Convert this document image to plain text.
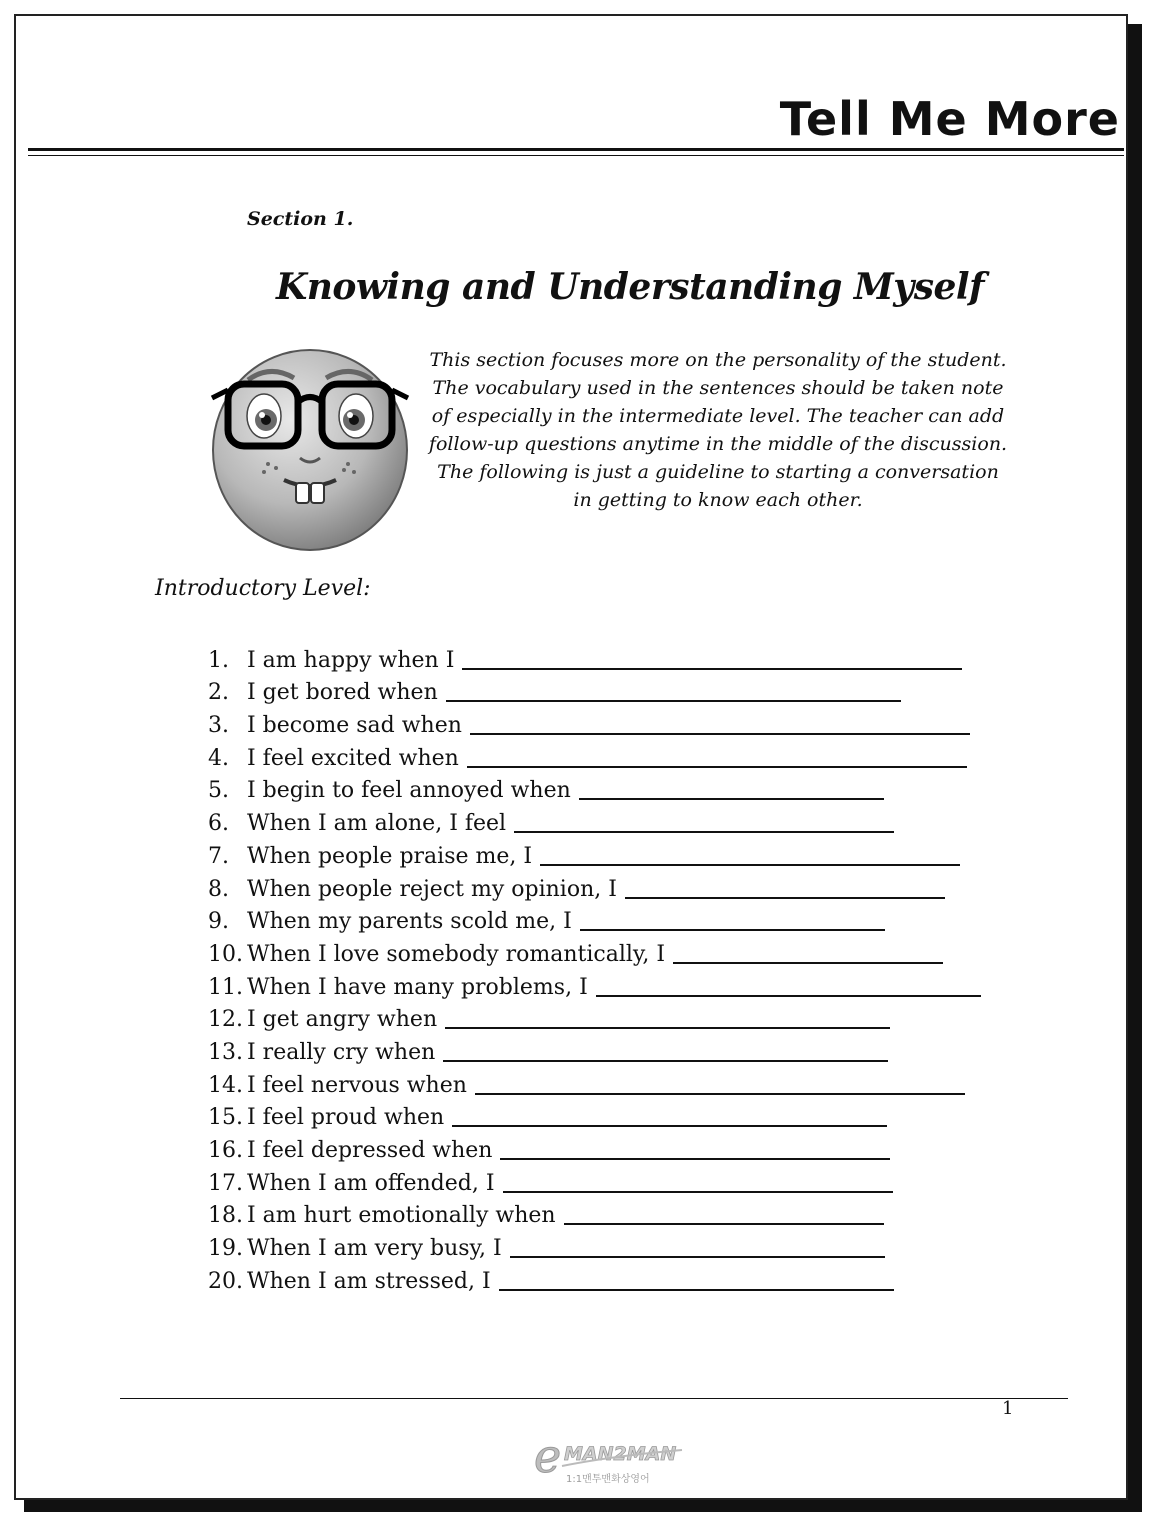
Tell Me More
Section 1.
Knowing and Understanding Myself
This section focuses more on the personality of the student.
The vocabulary used in the sentences should be taken note
of especially in the intermediate level. The teacher can add
follow-up questions anytime in the middle of the discussion.
The following is just a guideline to starting a conversation
in getting to know each other.
Introductory Level:
1. I am happy when I
2. I get bored when
3. I become sad when
4. I feel excited when
5. I begin to feel annoyed when
6. When I am alone, I feel
7. When people praise me, I
8. When people reject my opinion, I
9. When my parents scold me, I
10. When I love somebody romantically, I
11. When I have many problems, I
12. I get angry when
13. I really cry when
14. I feel nervous when
15. I feel proud when
16. I feel depressed when
17. When I am offended, I
18. I am hurt emotionally when
19. When I am very busy, I
20. When I am stressed, I
1
e MAN2MAN
1:1맨투맨화상영어
